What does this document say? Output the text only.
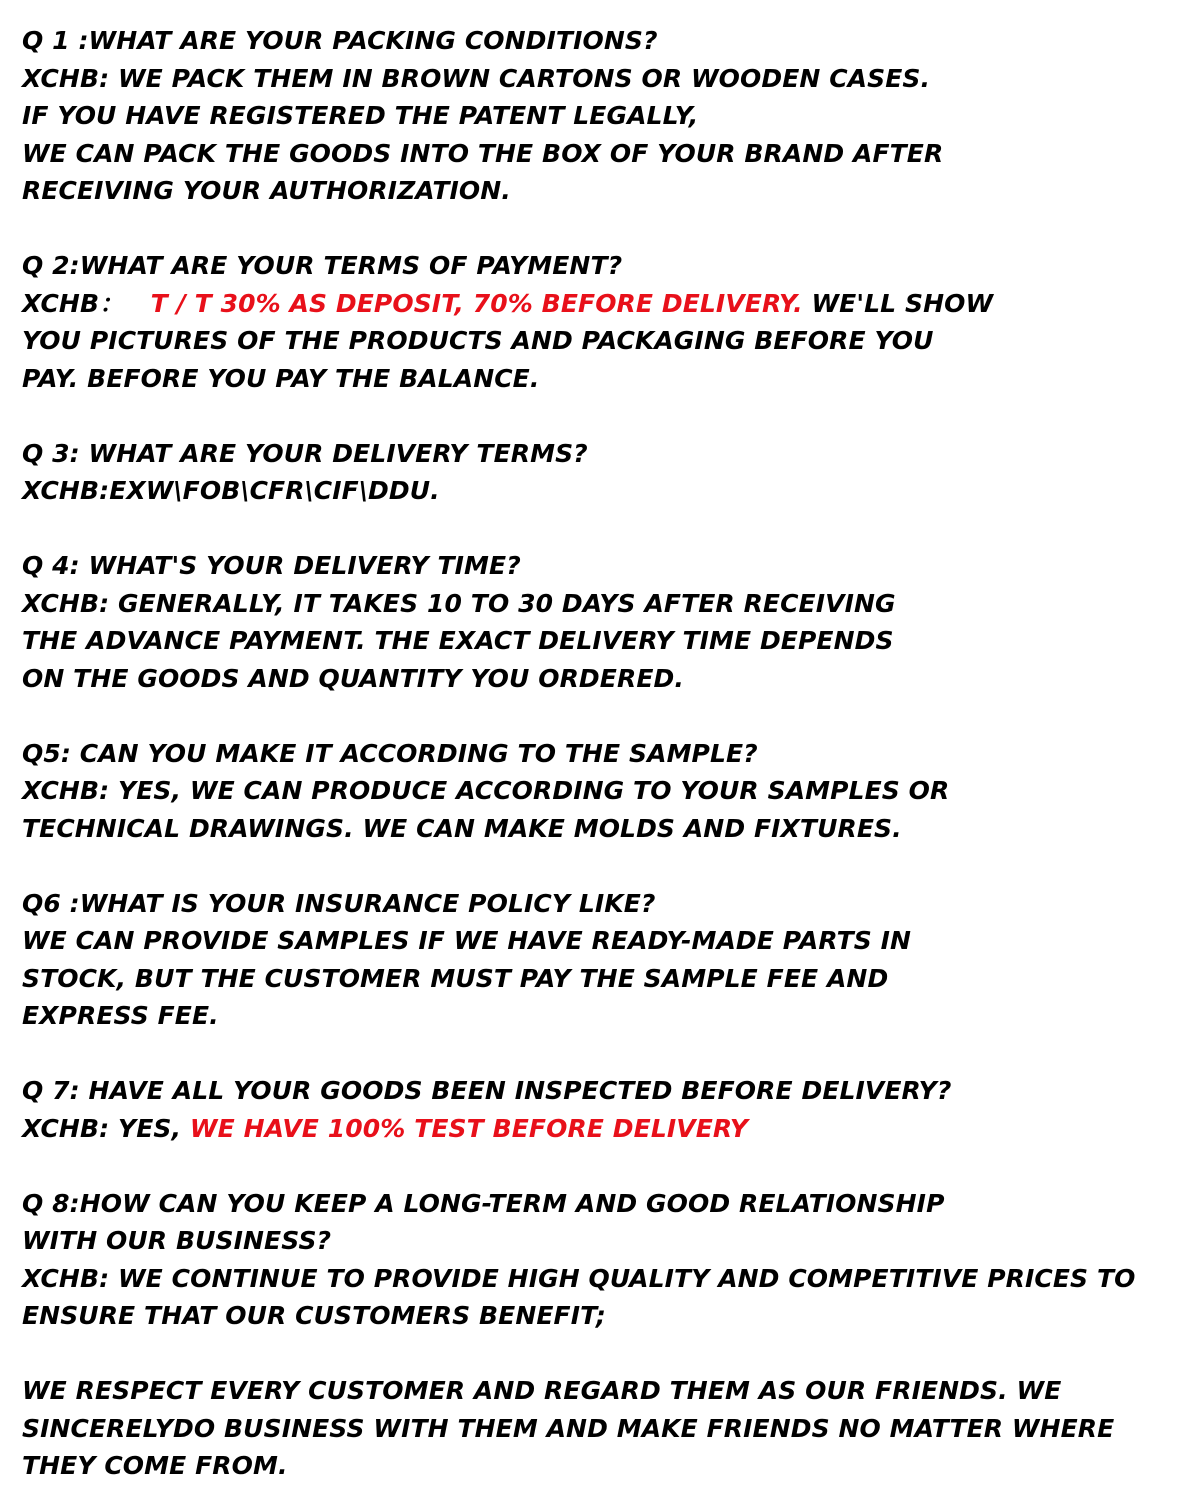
Q 1 :WHAT ARE YOUR PACKING CONDITIONS?
XCHB: WE PACK THEM IN BROWN CARTONS OR WOODEN CASES.
IF YOU HAVE REGISTERED THE PATENT LEGALLY,
WE CAN PACK THE GOODS INTO THE BOX OF YOUR BRAND AFTER
RECEIVING YOUR AUTHORIZATION.
Q 2:WHAT ARE YOUR TERMS OF PAYMENT?
XCHB： T / T 30% AS DEPOSIT, 70% BEFORE DELIVERY. WE'LL SHOW
YOU PICTURES OF THE PRODUCTS AND PACKAGING BEFORE YOU
PAY. BEFORE YOU PAY THE BALANCE.
Q 3: WHAT ARE YOUR DELIVERY TERMS?
XCHB:EXW\FOB\CFR\CIF\DDU.
Q 4: WHAT'S YOUR DELIVERY TIME?
XCHB: GENERALLY, IT TAKES 10 TO 30 DAYS AFTER RECEIVING
THE ADVANCE PAYMENT. THE EXACT DELIVERY TIME DEPENDS
ON THE GOODS AND QUANTITY YOU ORDERED.
Q5: CAN YOU MAKE IT ACCORDING TO THE SAMPLE?
XCHB: YES, WE CAN PRODUCE ACCORDING TO YOUR SAMPLES OR
TECHNICAL DRAWINGS. WE CAN MAKE MOLDS AND FIXTURES.
Q6 :WHAT IS YOUR INSURANCE POLICY LIKE?
WE CAN PROVIDE SAMPLES IF WE HAVE READY-MADE PARTS IN
STOCK, BUT THE CUSTOMER MUST PAY THE SAMPLE FEE AND
EXPRESS FEE.
Q 7: HAVE ALL YOUR GOODS BEEN INSPECTED BEFORE DELIVERY?
XCHB: YES, WE HAVE 100% TEST BEFORE DELIVERY
Q 8:HOW CAN YOU KEEP A LONG-TERM AND GOOD RELATIONSHIP
WITH OUR BUSINESS?
XCHB: WE CONTINUE TO PROVIDE HIGH QUALITY AND COMPETITIVE PRICES TO
ENSURE THAT OUR CUSTOMERS BENEFIT;
WE RESPECT EVERY CUSTOMER AND REGARD THEM AS OUR FRIENDS. WE
SINCERELYDO BUSINESS WITH THEM AND MAKE FRIENDS NO MATTER WHERE
THEY COME FROM.
